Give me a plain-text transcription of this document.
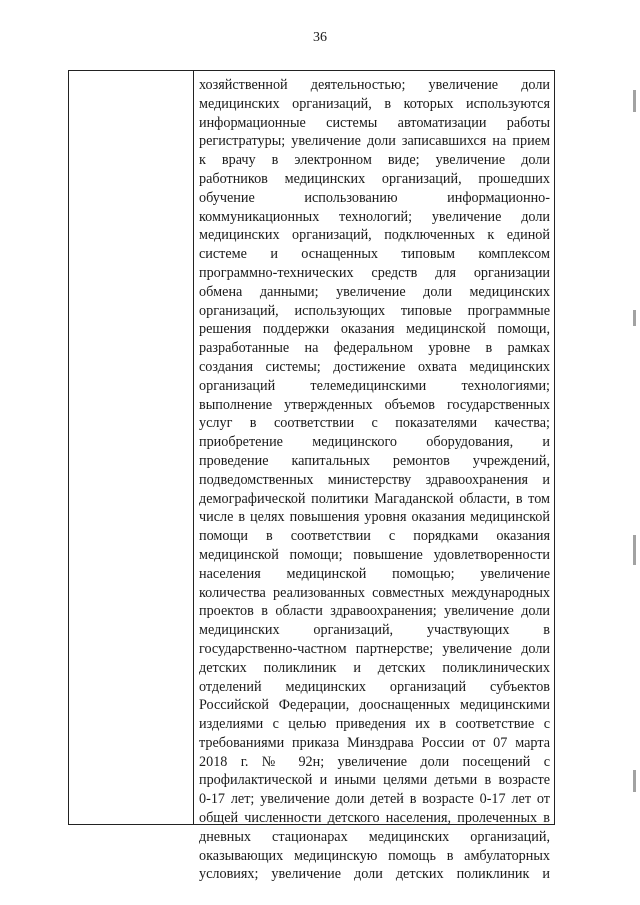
36
хозяйственной деятельностью; увеличение доли
медицинских организаций, в которых используются
информационные системы автоматизации работы
регистратуры; увеличение доли записавшихся на прием
к врачу в электронном виде; увеличение доли
работников медицинских организаций, прошедших
обучение использованию информационно-
коммуникационных технологий; увеличение доли
медицинских организаций, подключенных к единой
системе и оснащенных типовым комплексом
программно-технических средств для организации
обмена данными; увеличение доли медицинских
организаций, использующих типовые программные
решения поддержки оказания медицинской помощи,
разработанные на федеральном уровне в рамках
создания системы; достижение охвата медицинских
организаций телемедицинскими технологиями;
выполнение утвержденных объемов государственных
услуг в соответствии с показателями качества;
приобретение медицинского оборудования, и
проведение капитальных ремонтов учреждений,
подведомственных министерству здравоохранения и
демографической политики Магаданской области, в том
числе в целях повышения уровня оказания медицинской
помощи в соответствии с порядками оказания
медицинской помощи; повышение удовлетворенности
населения медицинской помощью; увеличение
количества реализованных совместных международных
проектов в области здравоохранения; увеличение доли
медицинских организаций, участвующих в
государственно-частном партнерстве; увеличение доли
детских поликлиник и детских поликлинических
отделений медицинских организаций субъектов
Российской Федерации, дооснащенных медицинскими
изделиями с целью приведения их в соответствие с
требованиями приказа Минздрава России от 07 марта
2018 г. № 92н; увеличение доли посещений с
профилактической и иными целями детьми в возрасте
0-17 лет; увеличение доли детей в возрасте 0-17 лет от
общей численности детского населения, пролеченных в
дневных стационарах медицинских организаций,
оказывающих медицинскую помощь в амбулаторных
условиях; увеличение доли детских поликлиник и
